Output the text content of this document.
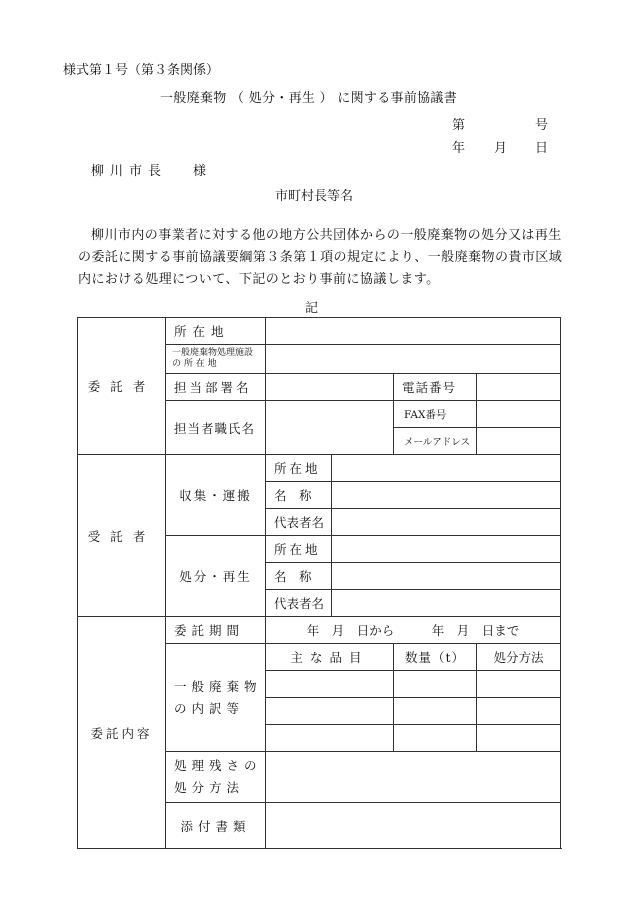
様式第１号（第３条関係）
一般廃棄物 （ 処分・再生 ） に関する事前協議書
第	号
年 月 日
柳川市長 様
市町村長等名
柳川市内の事業者に対する他の地方公共団体からの一般廃棄物の処分又は再生の委託に関する事前協議要綱第３条第１項の規定により、一般廃棄物の貴市区域内における処理について、下記のとおり事前に協議します。
記
委託者	所在地				

	一般廃棄物処理施設
の 所 在 地				

	担当部署名			電話番号	
	担当者職氏名			FAX番号	
				メールアドレス	
受託者	収集・運搬	所在地			
		名　称			
		代表者名			
	処分・再生	所在地			
		名　称			
		代表者名			
委託内容	委託期間	年　月　日から　　　年　月　日まで			

	一般廃棄物
の内訳等	主な品目		数量（t）	処分方法

	処理残さの
処分方法				

	添付書類				
